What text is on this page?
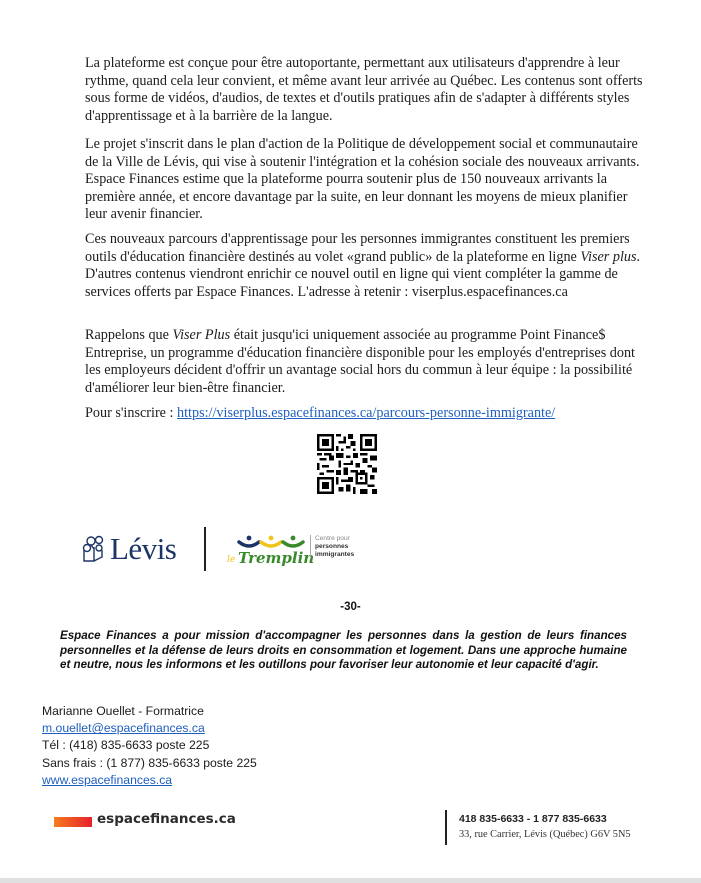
La plateforme est conçue pour être autoportante, permettant aux utilisateurs d'apprendre à leur rythme, quand cela leur convient, et même avant leur arrivée au Québec. Les contenus sont offerts sous forme de vidéos, d'audios, de textes et d'outils pratiques afin de s'adapter à différents styles d'apprentissage et à la barrière de la langue.

Le projet s'inscrit dans le plan d'action de la Politique de développement social et communautaire de la Ville de Lévis, qui vise à soutenir l'intégration et la cohésion sociale des nouveaux arrivants. Espace Finances estime que la plateforme pourra soutenir plus de 150 nouveaux arrivants la première année, et encore davantage par la suite, en leur donnant les moyens de mieux planifier leur avenir financier.

Ces nouveaux parcours d'apprentissage pour les personnes immigrantes constituent les premiers outils d'éducation financière destinés au volet «grand public» de la plateforme en ligne Viser plus. D'autres contenus viendront enrichir ce nouvel outil en ligne qui vient compléter la gamme de services offerts par Espace Finances. L'adresse à retenir : viserplus.espacefinances.ca

Rappelons que Viser Plus était jusqu'ici uniquement associée au programme Point Finance$ Entreprise, un programme d'éducation financière disponible pour les employés d'entreprises dont les employeurs décident d'offrir un avantage social hors du commun à leur équipe : la possibilité d'améliorer leur bien-être financier.

Pour s'inscrire : https://viserplus.espacefinances.ca/parcours-personne-immigrante/

Lévis	le Tremplin
Centre pour
personnes
immigrantes
-30-
Espace Finances a pour mission d'accompagner les personnes dans la gestion de leurs finances personnelles et la défense de leurs droits en consommation et logement. Dans une approche humaine et neutre, nous les informons et les outillons pour favoriser leur autonomie et leur capacité d'agir.
Marianne Ouellet - Formatrice
m.ouellet@espacefinances.ca
Tél : (418) 835-6633 poste 225
Sans frais : (1 877) 835-6633 poste 225
www.espacefinances.ca
espacefinances.ca	418 835-6633 - 1 877 835-6633
33, rue Carrier, Lévis (Québec) G6V 5N5
